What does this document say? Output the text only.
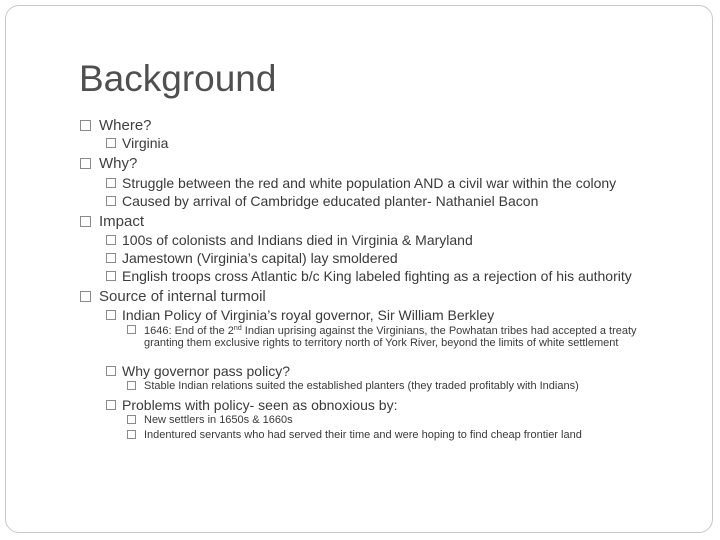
Background
Where?
Virginia
Why?
Struggle between the red and white population AND a civil war within the colony
Caused by arrival of Cambridge educated planter- Nathaniel Bacon
Impact
100s of colonists and Indians died in Virginia & Maryland
Jamestown (Virginia’s capital) lay smoldered
English troops cross Atlantic b/c King labeled fighting as a rejection of his authority
Source of internal turmoil
Indian Policy of Virginia’s royal governor, Sir William Berkley
1646: End of the 2nd Indian uprising against the Virginians, the Powhatan tribes had accepted a treaty granting them exclusive rights to territory north of York River, beyond the limits of white settlement
Why governor pass policy?
Stable Indian relations suited the established planters (they traded profitably with Indians)
Problems with policy- seen as obnoxious by:
New settlers in 1650s & 1660s
Indentured servants who had served their time and were hoping to find cheap frontier land
